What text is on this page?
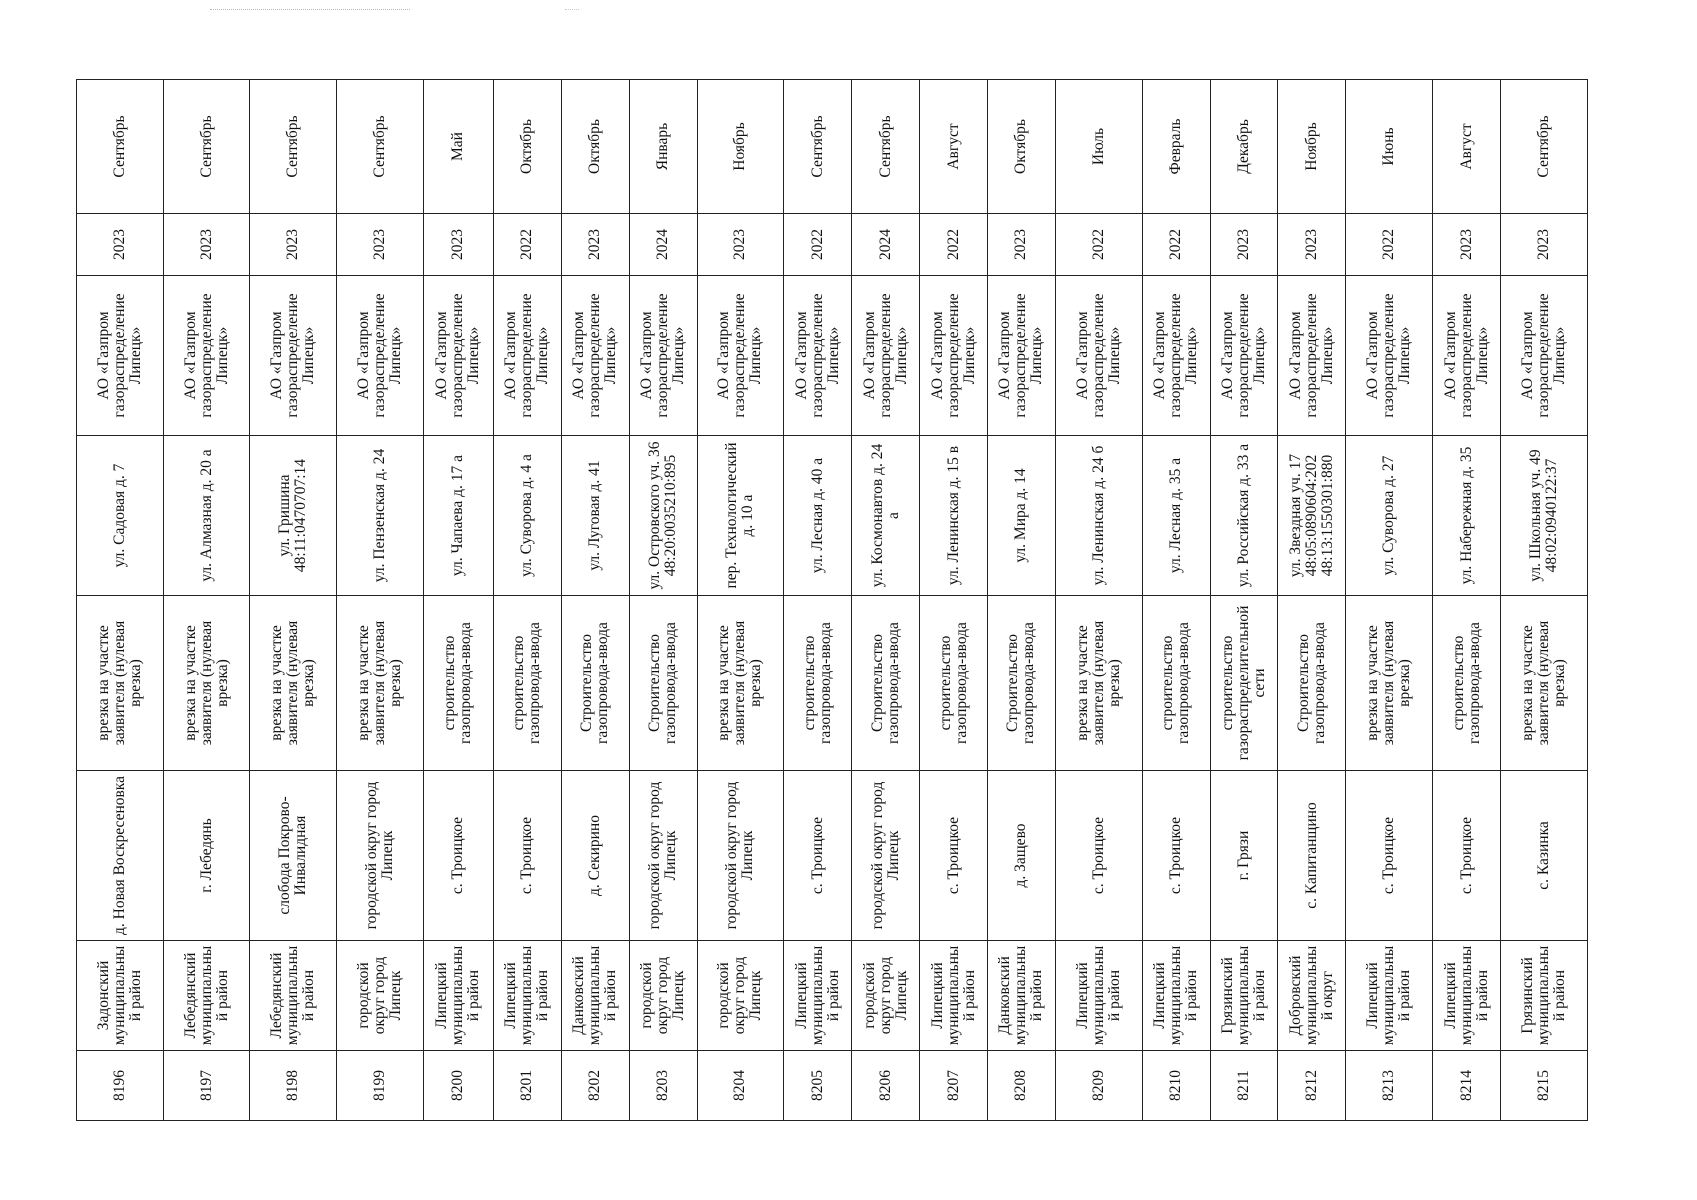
8196	Задонский муниципальный район	д. Новая Воскресеновка	врезка на участке заявителя (нулевая врезка)	ул. Садовая д. 7	АО «Газпром газораспределение Липецк»	2023	Сентябрь
8197	Лебедянский муниципальный район	г. Лебедянь	врезка на участке заявителя (нулевая врезка)	ул. Алмазная д. 20 а	АО «Газпром газораспределение Липецк»	2023	Сентябрь
8198	Лебедянский муниципальный район	слобода Покрово-Инвалидная	врезка на участке заявителя (нулевая врезка)	ул. Гришина 48:11:0470707:14	АО «Газпром газораспределение Липецк»	2023	Сентябрь
8199	городской округ город Липецк	городской округ город Липецк	врезка на участке заявителя (нулевая врезка)	ул. Пензенская д. 24	АО «Газпром газораспределение Липецк»	2023	Сентябрь
8200	Липецкий муниципальный район	с. Троицкое	строительство газопровода-ввода	ул. Чапаева д. 17 а	АО «Газпром газораспределение Липецк»	2023	Май
8201	Липецкий муниципальный район	с. Троицкое	строительство газопровода-ввода	ул. Суворова д. 4 а	АО «Газпром газораспределение Липецк»	2022	Октябрь
8202	Данковский муниципальный район	д. Секирино	Строительство газопровода-ввода	ул. Луговая д. 41	АО «Газпром газораспределение Липецк»	2023	Октябрь
8203	городской округ город Липецк	городской округ город Липецк	Строительство газопровода-ввода	ул. Островского уч. 36 48:20:0035210:895	АО «Газпром газораспределение Липецк»	2024	Январь
8204	городской округ город Липецк	городской округ город Липецк	врезка на участке заявителя (нулевая врезка)	пер. Технологический д. 10 а	АО «Газпром газораспределение Липецк»	2023	Ноябрь
8205	Липецкий муниципальный район	с. Троицкое	строительство газопровода-ввода	ул. Лесная д. 40 а	АО «Газпром газораспределение Липецк»	2022	Сентябрь
8206	городской округ город Липецк	городской округ город Липецк	Строительство газопровода-ввода	ул. Космонавтов д. 24 а	АО «Газпром газораспределение Липецк»	2024	Сентябрь
8207	Липецкий муниципальный район	с. Троицкое	строительство газопровода-ввода	ул. Ленинская д. 15 в	АО «Газпром газораспределение Липецк»	2022	Август
8208	Данковский муниципальный район	д. Защево	Строительство газопровода-ввода	ул. Мира д. 14	АО «Газпром газораспределение Липецк»	2023	Октябрь
8209	Липецкий муниципальный район	с. Троицкое	врезка на участке заявителя (нулевая врезка)	ул. Ленинская д. 24 б	АО «Газпром газораспределение Липецк»	2022	Июль
8210	Липецкий муниципальный район	с. Троицкое	строительство газопровода-ввода	ул. Лесная д. 35 а	АО «Газпром газораспределение Липецк»	2022	Февраль
8211	Грязинский муниципальный район	г. Грязи	строительство газораспределительной сети	ул. Российская д. 33 а	АО «Газпром газораспределение Липецк»	2023	Декабрь
8212	Добровский муниципальный округ	с. Капитанщино	Строительство газопровода-ввода	ул. Звездная уч. 17 48:05:0890604:202 48:13:1550301:880	АО «Газпром газораспределение Липецк»	2023	Ноябрь
8213	Липецкий муниципальный район	с. Троицкое	врезка на участке заявителя (нулевая врезка)	ул. Суворова д. 27	АО «Газпром газораспределение Липецк»	2022	Июнь
8214	Липецкий муниципальный район	с. Троицкое	строительство газопровода-ввода	ул. Набережная д. 35	АО «Газпром газораспределение Липецк»	2023	Август
8215	Грязинский муниципальный район	с. Казинка	врезка на участке заявителя (нулевая врезка)	ул. Школьная уч. 49 48:02:0940122:37	АО «Газпром газораспределение Липецк»	2023	Сентябрь
